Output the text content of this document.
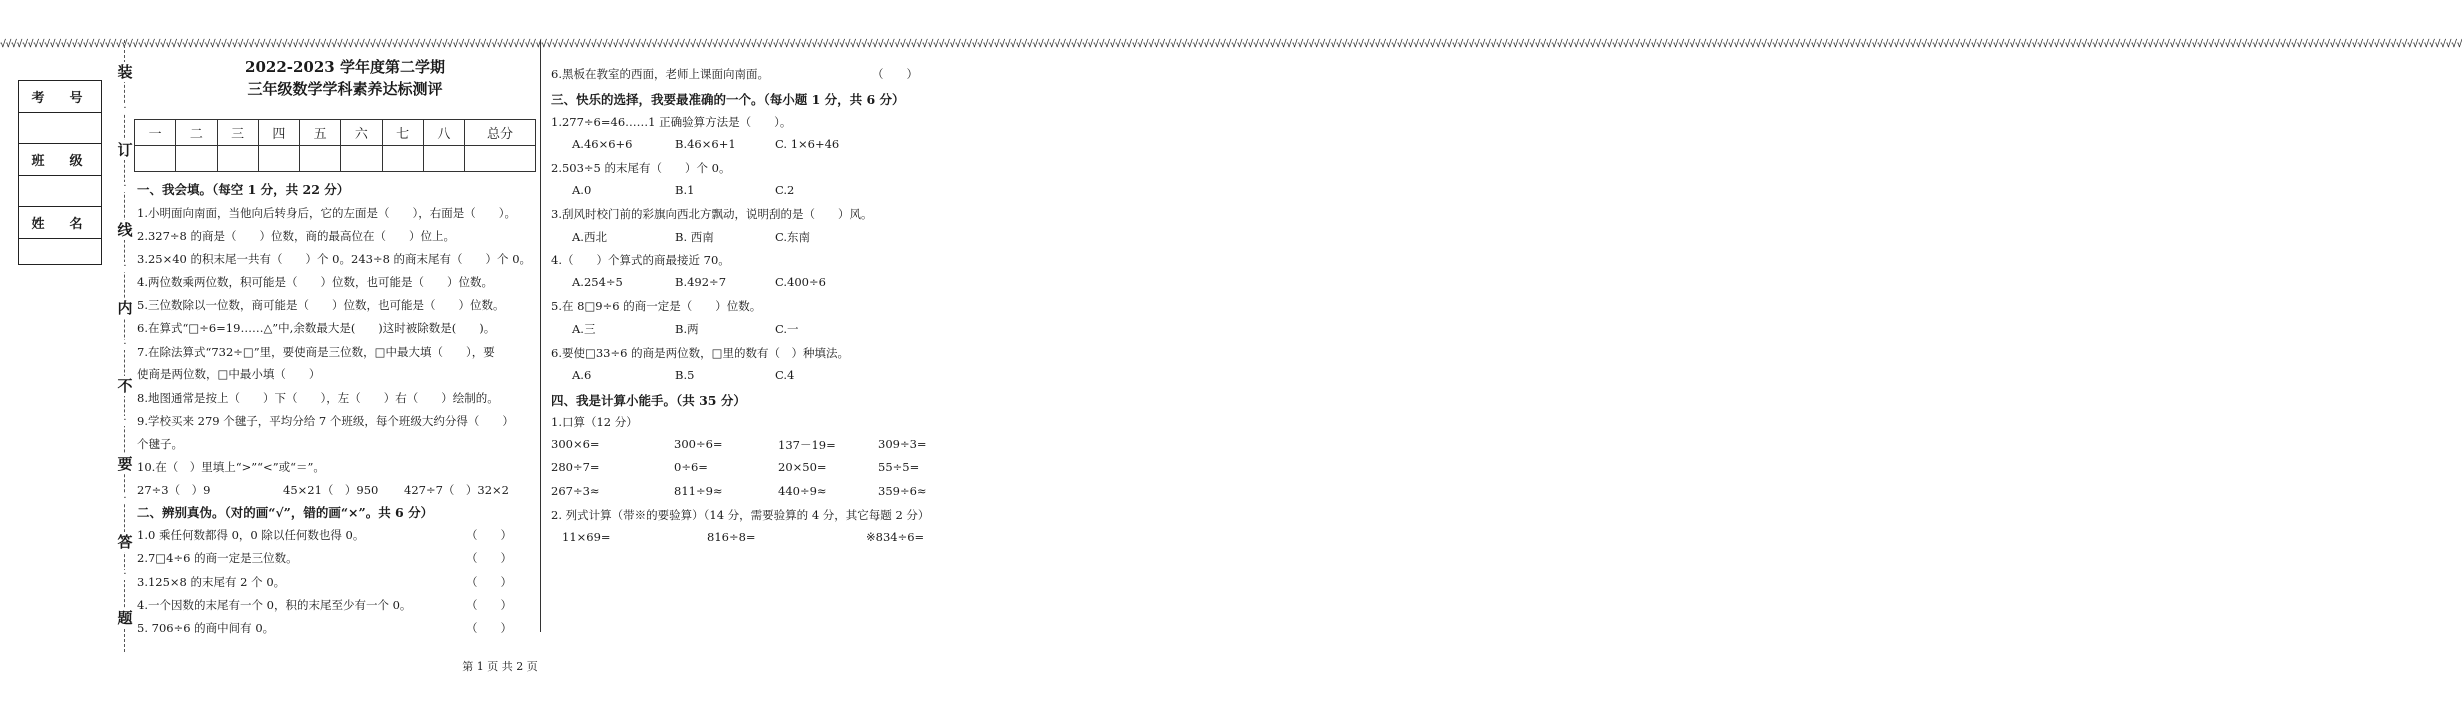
√√√√√√√√√√√√√√√√√√√√√√√√√√√√√√√√√√√√√√√√√√√√√√√√√√√√√√√√√√√√√√√√√√√√√√√√√√√√√√√√√√√√√√√√√√√√√√√√√√√√√√√√√√√√√√√√√√√√√√√√√√√√√√√√√√√√√√√√√√√√√√√√√√√√√√√√√√√√√√√√√√√√√√√√√√√√√√√√√√√√√√√√√√√√√√√√√√√√√√√√√√√√√√√√√√√√√√√√√√√√√√√√√√√√√√√√√√√√√√√√√√√√√√√√√√√√√√√√√√√√√√√√√√√√√√√√√√√√√√√√√√√√√√√√√√√√√√√√√√√√√√√√√√√√√√√√√√√√√√√√√√√√√√√√√√√√√√√√√√√√√√√√√√√√√√√√√√√√√√√√√√√√√√√√√√√√√√√√√√√√√√√√√√√√√√√√√√√√√√√√√√√√√√√√√√√√√√√√√√√√√√√√√√√√√√√√√√√√√√√√√√√√√√
考　号
班　级
姓　名
装
·
订
·
线
·
内
·
不
·
要
·
答
·
题
2022-2023 学年度第二学期
三年级数学学科素养达标测评
一	二	三	四	五	六	七	八	总分

一、我会填。（每空 1 分，共 22 分）
1.小明面向南面，当他向后转身后，它的左面是（　　），右面是（　　）。
2.327÷8 的商是（　　）位数，商的最高位在（　　）位上。
3.25×40 的积末尾一共有（　　）个 0。243÷8 的商末尾有（　　）个 0。
4.两位数乘两位数，积可能是（　　）位数，也可能是（　　）位数。
5.三位数除以一位数，商可能是（　　）位数，也可能是（　　）位数。
6.在算式“□÷6=19……△”中,余数最大是(　　)这时被除数是(　　)。
7.在除法算式“732÷□”里，要使商是三位数，□中最大填（　　），要
使商是两位数，□中最小填（　　）
8.地图通常是按上（　　）下（　　），左（　　）右（　　）绘制的。
9.学校买来 279 个毽子，平均分给 7 个班级，每个班级大约分得（　　）
个毽子。
10.在（　）里填上“>”“<”或“＝”。
27÷3（　）9	45×21（　）950 427÷7（　）32×2
二、辨别真伪。（对的画“√”，错的画“×”。共 6 分）
1.0 乘任何数都得 0，0 除以任何数也得 0。	（　　）
2.7□4÷6 的商一定是三位数。	（　　）
3.125×8 的末尾有 2 个 0。	（　　）
4.一个因数的末尾有一个 0，积的末尾至少有一个 0。	（　　）
5. 706÷6 的商中间有 0。	（　　）
6.黑板在教室的西面，老师上课面向南面。	（　　）
三、快乐的选择，我要最准确的一个。（每小题 1 分，共 6 分）
1.277÷6=46……1 正确验算方法是（　　）。
A.46×6+6	B.46×6+1	C. 1×6+46
2.503÷5 的末尾有（　　）个 0。
A.0	B.1	C.2
3.刮风时校门前的彩旗向西北方飘动，说明刮的是（　　）风。
A.西北	B. 西南	C.东南
4.（　　）个算式的商最接近 70。
A.254÷5	B.492÷7	C.400÷6
5.在 8□9÷6 的商一定是（　　）位数。
A.三	B.两	C.一
6.要使□33÷6 的商是两位数，□里的数有（　）种填法。
A.6	B.5	C.4
四、我是计算小能手。（共 35 分）
1.口算（12 分）
300×6=	300÷6=	137－19=	309÷3=
280÷7=	0÷6=	20×50=	55÷5=
267÷3≈	811÷9≈	440÷9≈	359÷6≈
2. 列式计算（带※的要验算）（14 分，需要验算的 4 分，其它每题 2 分）
11×69=	816÷8=	※834÷6=
第 1 页 共 2 页
